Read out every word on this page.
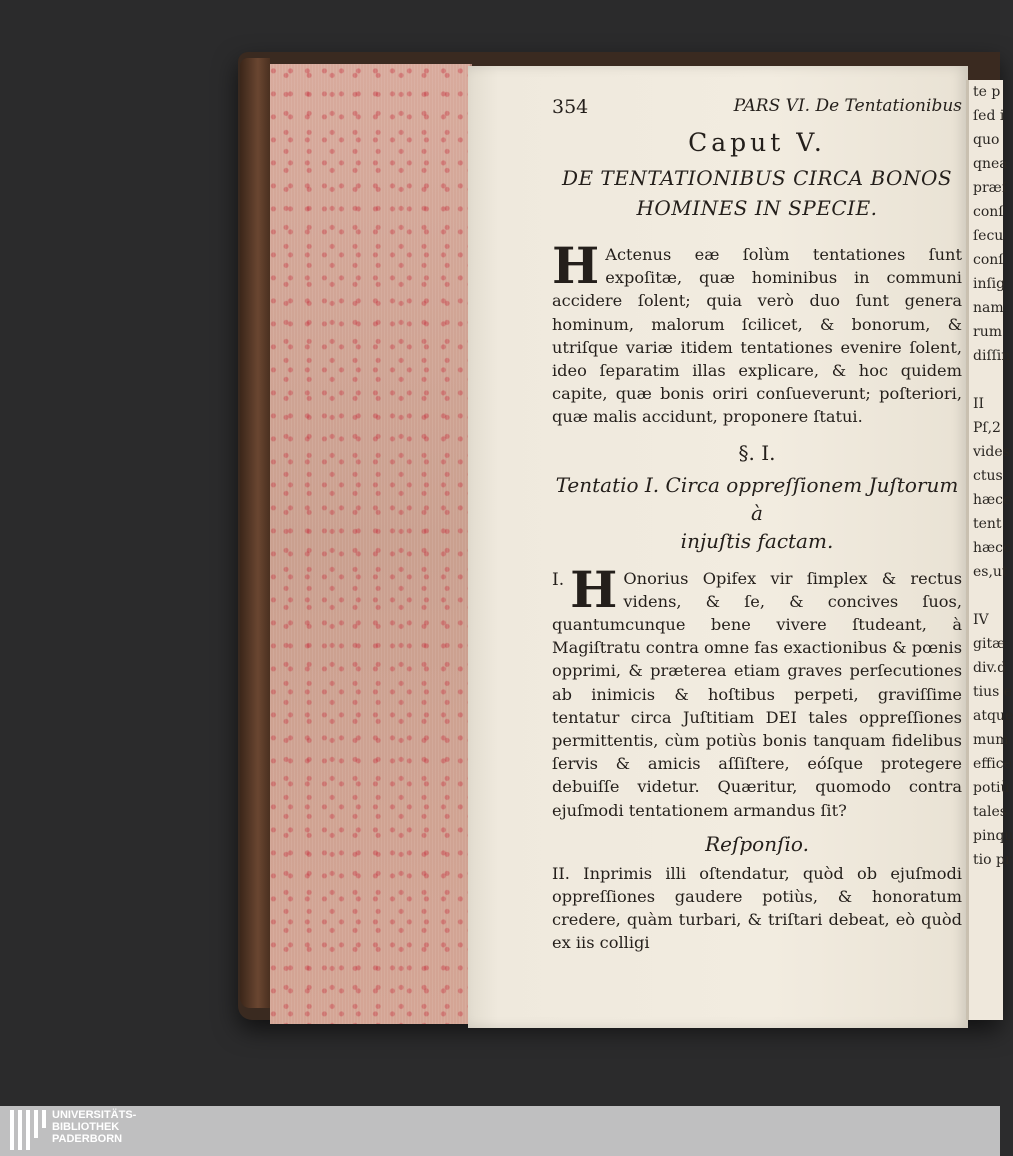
te p
ſed i
quo
qnea
præſ
conſ
ſecu
conſ
inſig
nam
rum
diſſin

II
Pſ,2
vides
ctus
hæcc
tent
hæcc
es,ut

IV
gitæ
div.d
tius e
atque
mum
effice
potiù
tales
pinqu
tio pr
354	PARS VI. De Tentationibus
Caput V.
DE TENTATIONIBUS CIRCA BONOS
HOMINES IN SPECIE.

H Actenus eæ ſolùm tentationes ſunt expoſitæ, quæ hominibus in communi accidere ſolent; quia verò duo ſunt genera hominum, malorum ſcilicet, & bonorum, & utriſque variæ itidem tentationes evenire ſolent, ideo ſeparatim illas explicare, & hoc quidem capite, quæ bonis oriri conſueverunt; poſteriori, quæ malis accidunt, proponere ſtatui.

§. I.
Tentatio I. Circa oppreſſionem Juſtorum à
injuſtis factam.

I. H Onorius Opifex vir ſimplex & rectus videns, & ſe, & concives ſuos, quantumcunque bene vivere ſtudeant, à Magiſtratu contra omne fas exactionibus & pœnis opprimi, & præterea etiam graves perſecutiones ab inimicis & hoſtibus perpeti, graviſſime tentatur circa Juſtitiam DEI tales oppreſſiones permittentis, cùm potiùs bonis tanquam fidelibus ſervis & amicis aſſiſtere, eóſque protegere debuiſſe videtur. Quæritur, quomodo contra ejuſmodi tentationem armandus ſit?

Reſponſio.

II. Inprimis illi oſtendatur, quòd ob ejuſmodi oppreſſiones gaudere potiùs, & honoratum credere, quàm turbari, & triſtari debeat, eò quòd ex iis colligi

UNIVERSITÄTS-
BIBLIOTHEK
PADERBORN
